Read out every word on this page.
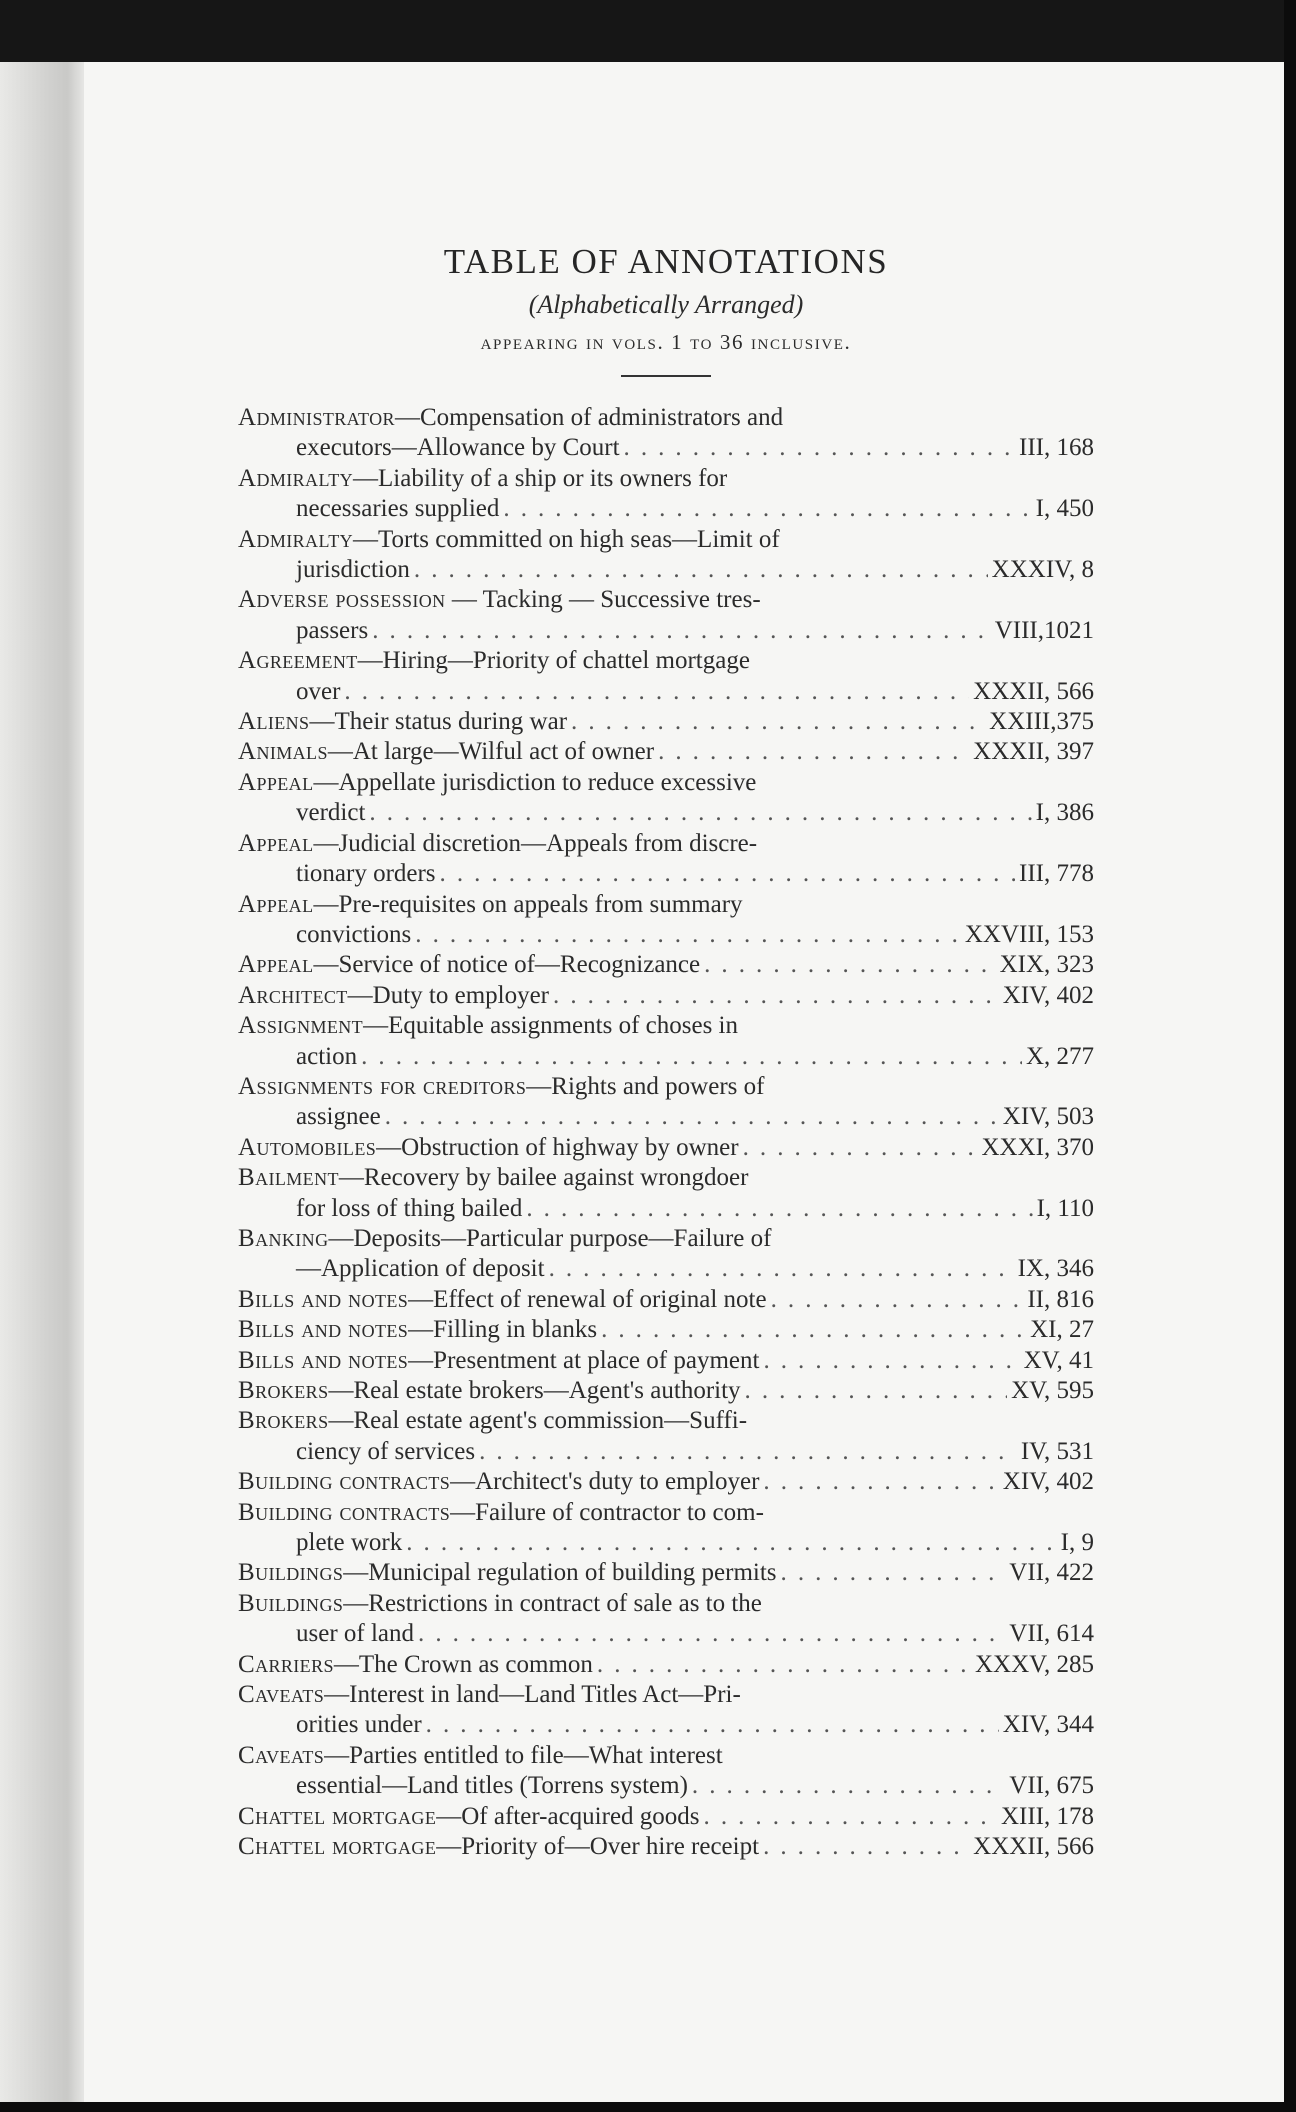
TABLE OF ANNOTATIONS
(Alphabetically Arranged)
appearing in vols. 1 to 36 inclusive.
Administrator—Compensation of administrators and
executors—Allowance by Court . . .	III, 168
Admiralty—Liability of a ship or its owners for
necessaries supplied . . .	I, 450
Admiralty—Torts committed on high seas—Limit of
jurisdiction . . .	XXXIV, 8
Adverse possession — Tacking — Successive tres-
passers . . .	VIII,1021
Agreement—Hiring—Priority of chattel mortgage
over . . .	XXXII, 566
Aliens—Their status during war . . .	XXIII,375
Animals—At large—Wilful act of owner . . .	XXXII, 397
Appeal—Appellate jurisdiction to reduce excessive
verdict . . .	I, 386
Appeal—Judicial discretion—Appeals from discre-
tionary orders . . .	III, 778
Appeal—Pre-requisites on appeals from summary
convictions . . .	XXVIII, 153
Appeal—Service of notice of—Recognizance . . .	XIX, 323
Architect—Duty to employer . . .	XIV, 402
Assignment—Equitable assignments of choses in
action . . .	X, 277
Assignments for creditors—Rights and powers of
assignee . . .	XIV, 503
Automobiles—Obstruction of highway by owner . . .	XXXI, 370
Bailment—Recovery by bailee against wrongdoer
for loss of thing bailed . . .	I, 110
Banking—Deposits—Particular purpose—Failure of
—Application of deposit . . .	IX, 346
Bills and notes—Effect of renewal of original note . . .	II, 816
Bills and notes—Filling in blanks . . .	XI, 27
Bills and notes—Presentment at place of payment . . .	XV, 41
Brokers—Real estate brokers—Agent's authority . . .	XV, 595
Brokers—Real estate agent's commission—Suffi-
ciency of services . . .	IV, 531
Building contracts—Architect's duty to employer . . .	XIV, 402
Building contracts—Failure of contractor to com-
plete work . . .	I, 9
Buildings—Municipal regulation of building permits . . .	VII, 422
Buildings—Restrictions in contract of sale as to the
user of land . . .	VII, 614
Carriers—The Crown as common . . .	XXXV, 285
Caveats—Interest in land—Land Titles Act—Pri-
orities under . . .	XIV, 344
Caveats—Parties entitled to file—What interest
essential—Land titles (Torrens system) . . .	VII, 675
Chattel mortgage—Of after-acquired goods . . .	XIII, 178
Chattel mortgage—Priority of—Over hire receipt . . .	XXXII, 566
